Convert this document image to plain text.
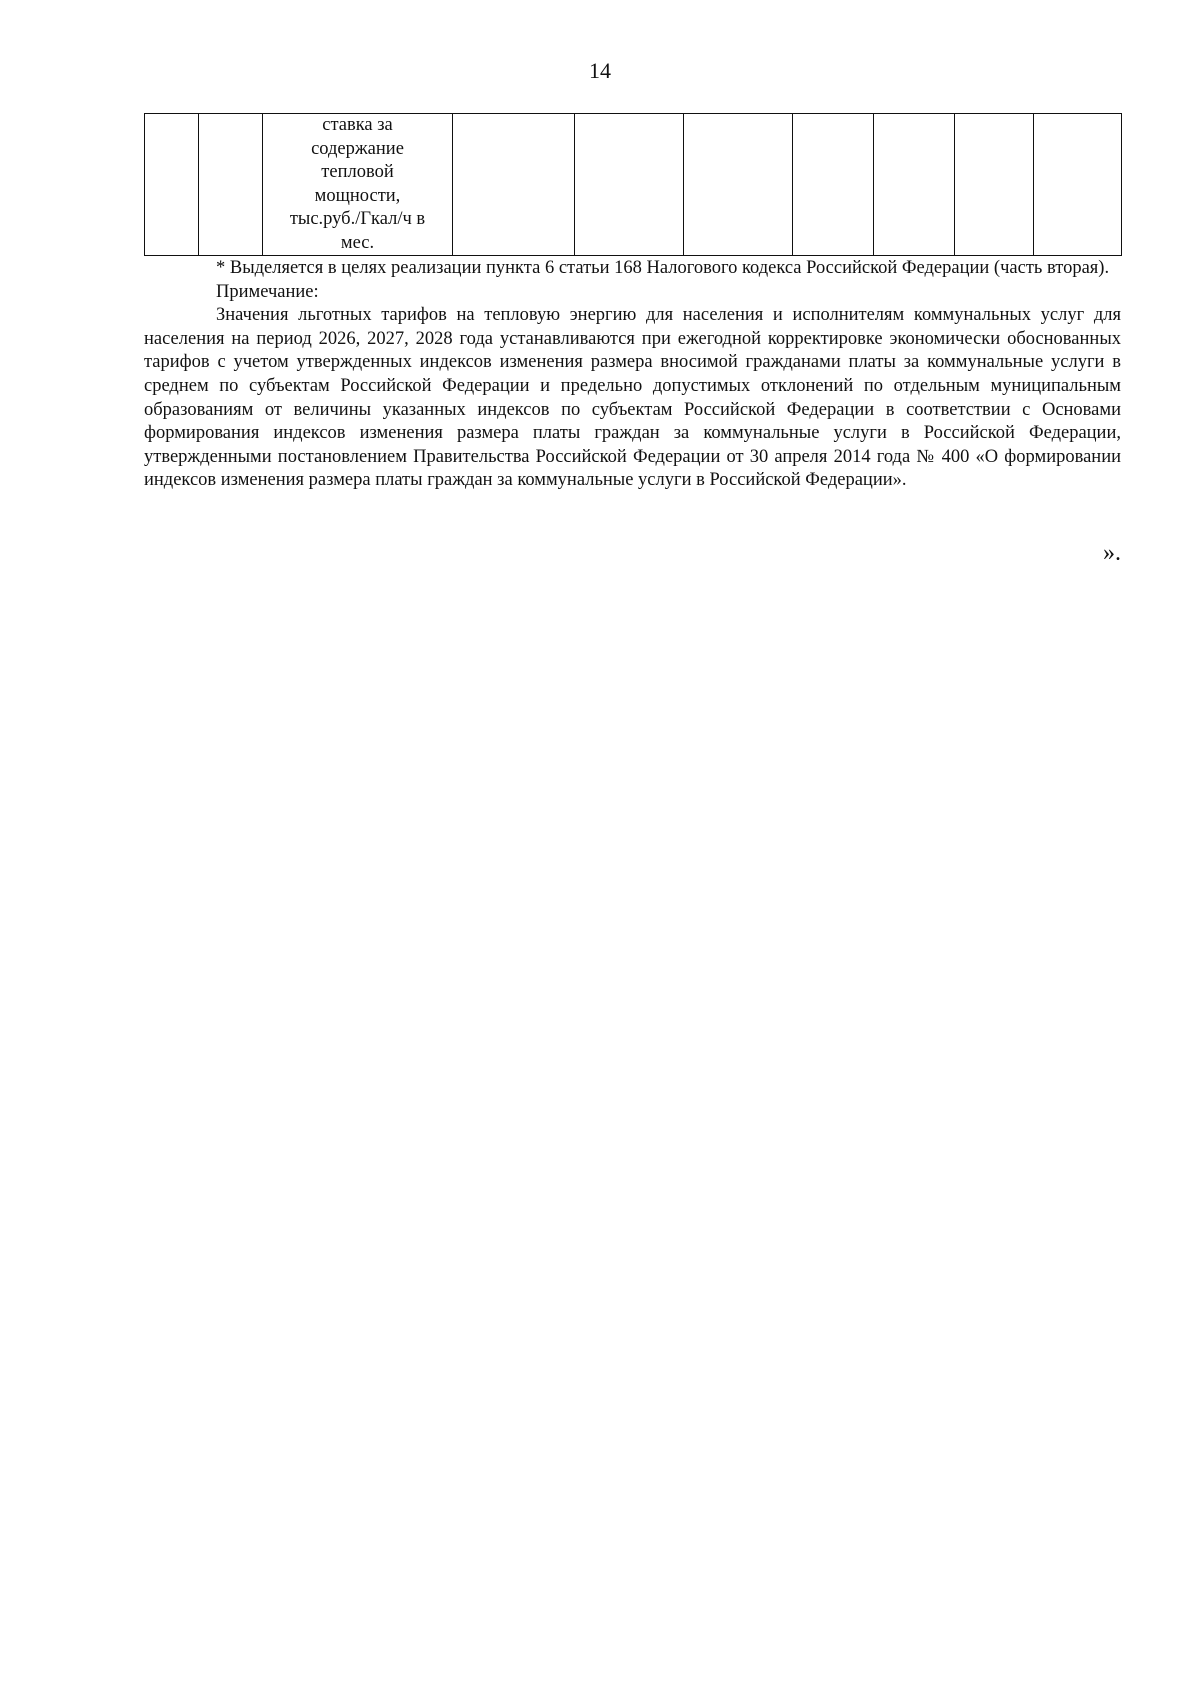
14

ставка за
содержание
тепловой
мощности,
тыс.руб./Гкал/ч в
мес.

* Выделяется в целях реализации пункта 6 статьи 168 Налогового кодекса Российской Федерации (часть вторая).

Примечание:

Значения льготных тарифов на тепловую энергию для населения и исполнителям коммунальных услуг для населения на период 2026, 2027, 2028 года устанавливаются при ежегодной корректировке экономически обоснованных тарифов с учетом утвержденных индексов изменения размера вносимой гражданами платы за коммунальные услуги в среднем по субъектам Российской Федерации и предельно допустимых отклонений по отдельным муниципальным образованиям от величины указанных индексов по субъектам Российской Федерации в соответствии с Основами формирования индексов изменения размера платы граждан за коммунальные услуги в Российской Федерации, утвержденными постановлением Правительства Российской Федерации от 30 апреля 2014 года № 400 «О формировании индексов изменения размера платы граждан за коммунальные услуги в Российской Федерации».

».
